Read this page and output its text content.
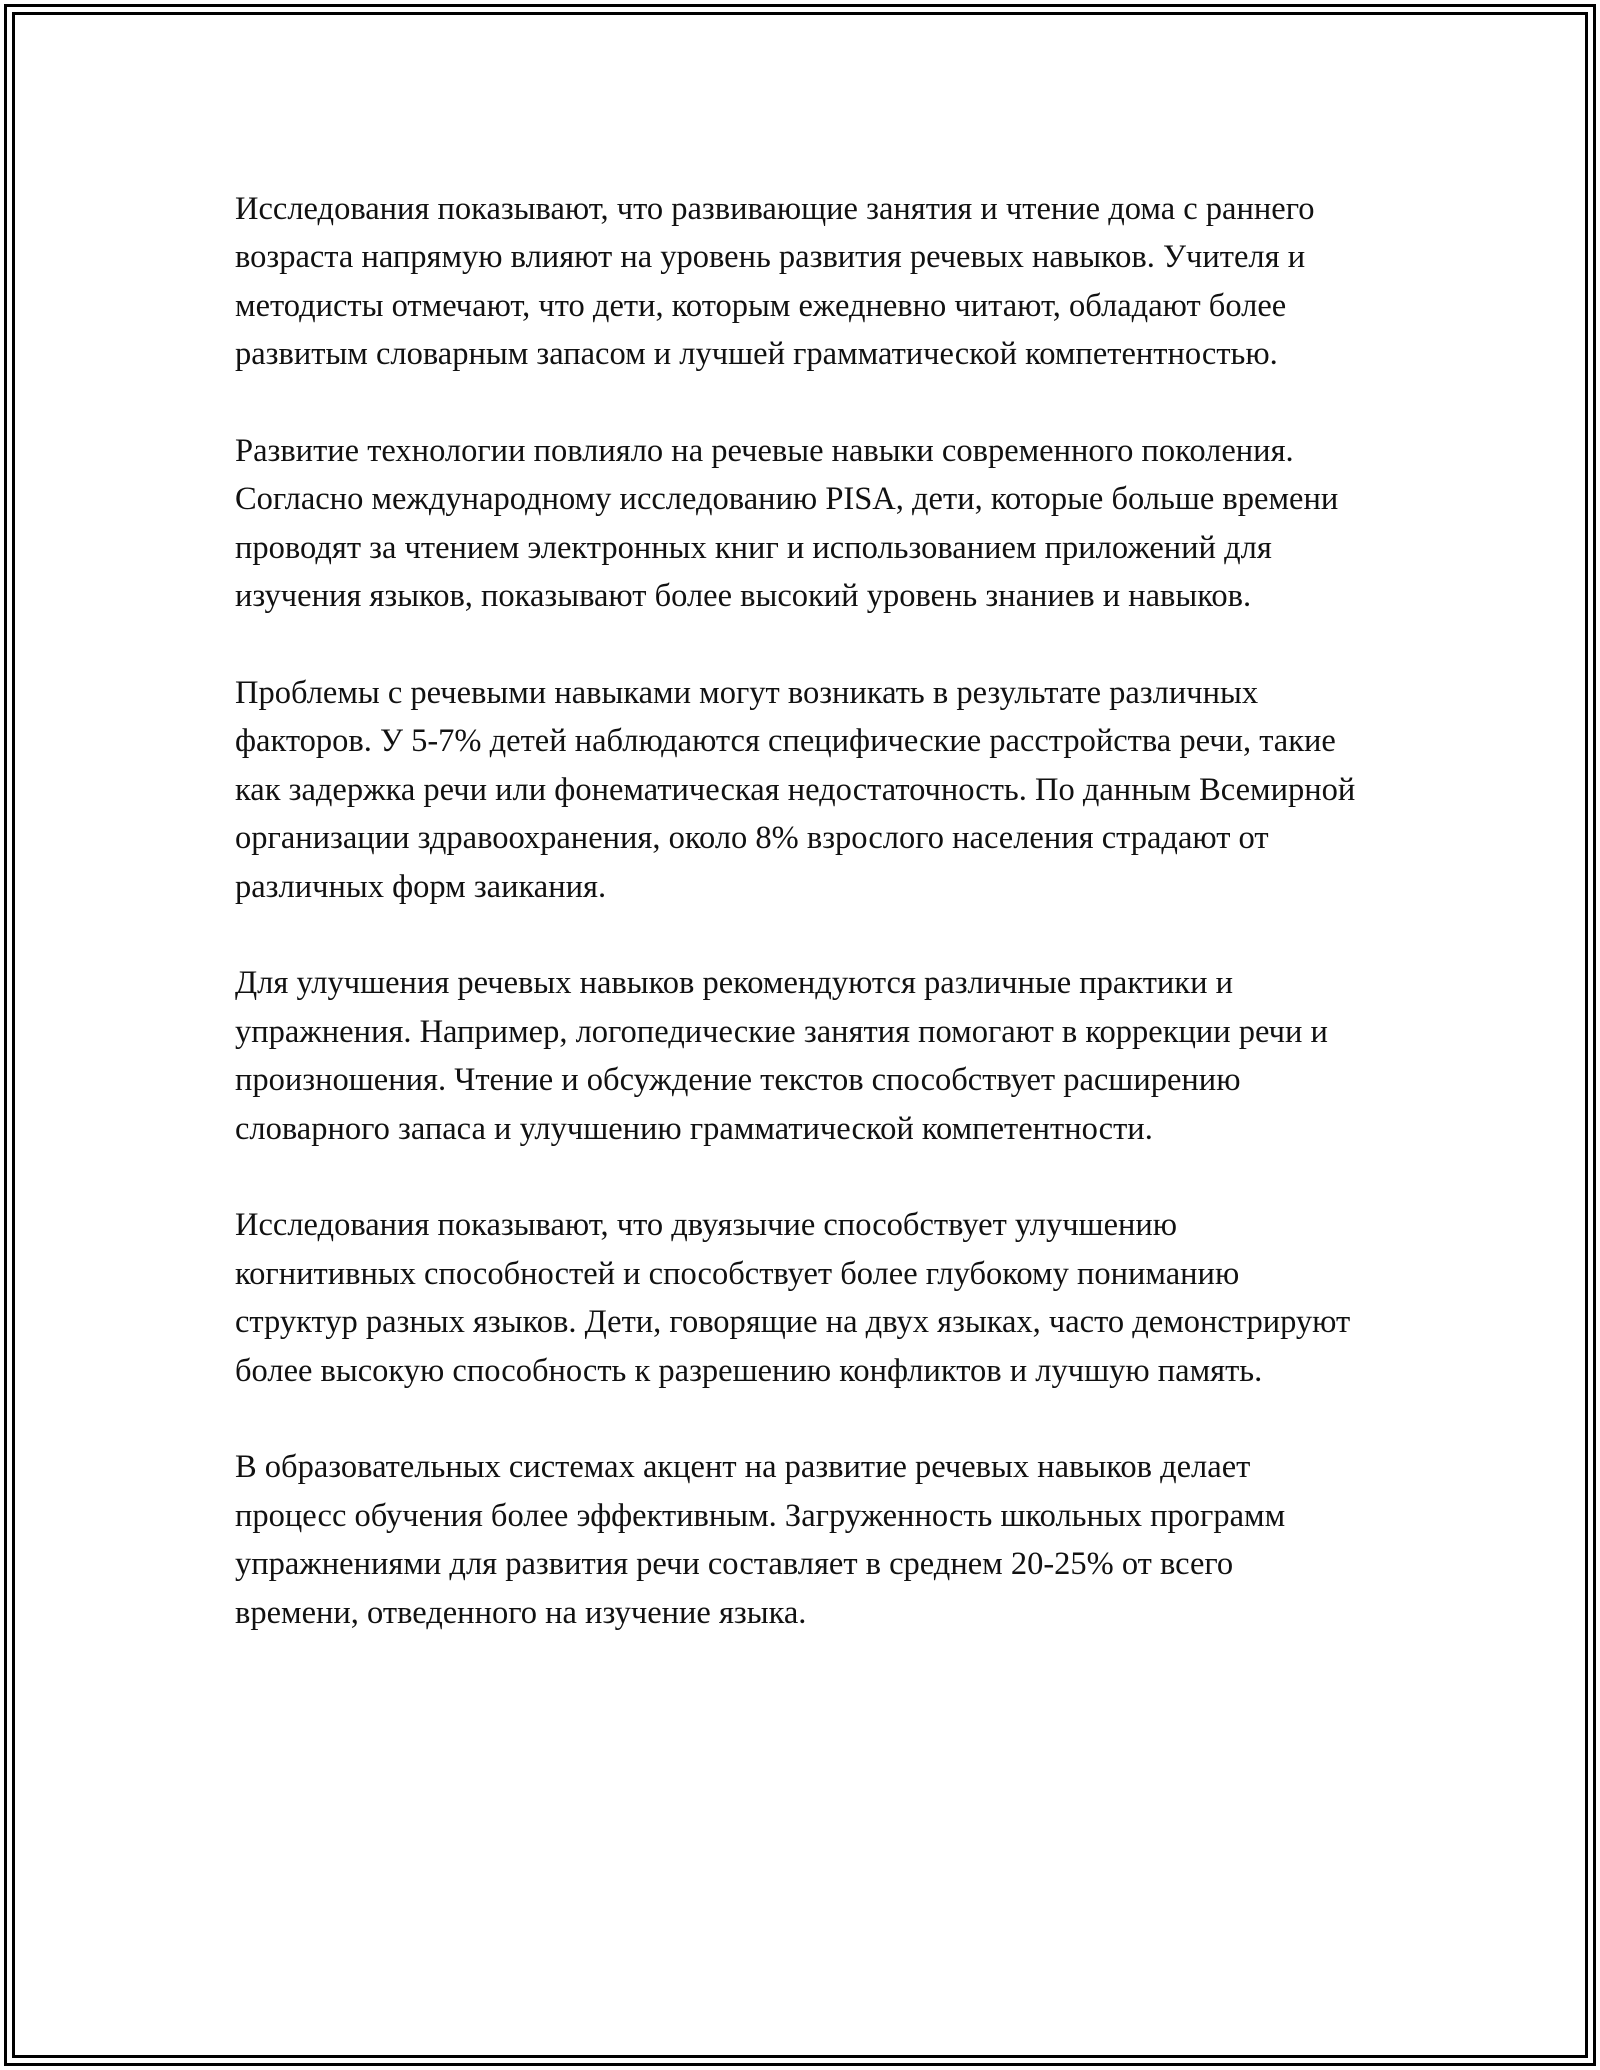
Исследования показывают, что развивающие занятия и чтение дома с раннего возраста напрямую влияют на уровень развития речевых навыков. Учителя и методисты отмечают, что дети, которым ежедневно читают, обладают более развитым словарным запасом и лучшей грамматической компетентностью.

Развитие технологии повлияло на речевые навыки современного поколения. Согласно международному исследованию PISA, дети, которые больше времени проводят за чтением электронных книг и использованием приложений для изучения языков, показывают более высокий уровень знаниев и навыков.

Проблемы с речевыми навыками могут возникать в результате различных факторов. У 5-7% детей наблюдаются специфические расстройства речи, такие как задержка речи или фонематическая недостаточность. По данным Всемирной организации здравоохранения, около 8% взрослого населения страдают от различных форм заикания.

Для улучшения речевых навыков рекомендуются различные практики и упражнения. Например, логопедические занятия помогают в коррекции речи и произношения. Чтение и обсуждение текстов способствует расширению словарного запаса и улучшению грамматической компетентности.

Исследования показывают, что двуязычие способствует улучшению когнитивных способностей и способствует более глубокому пониманию структур разных языков. Дети, говорящие на двух языках, часто демонстрируют более высокую способность к разрешению конфликтов и лучшую память.

В образовательных системах акцент на развитие речевых навыков делает процесс обучения более эффективным. Загруженность школьных программ упражнениями для развития речи составляет в среднем 20-25% от всего времени, отведенного на изучение языка.
